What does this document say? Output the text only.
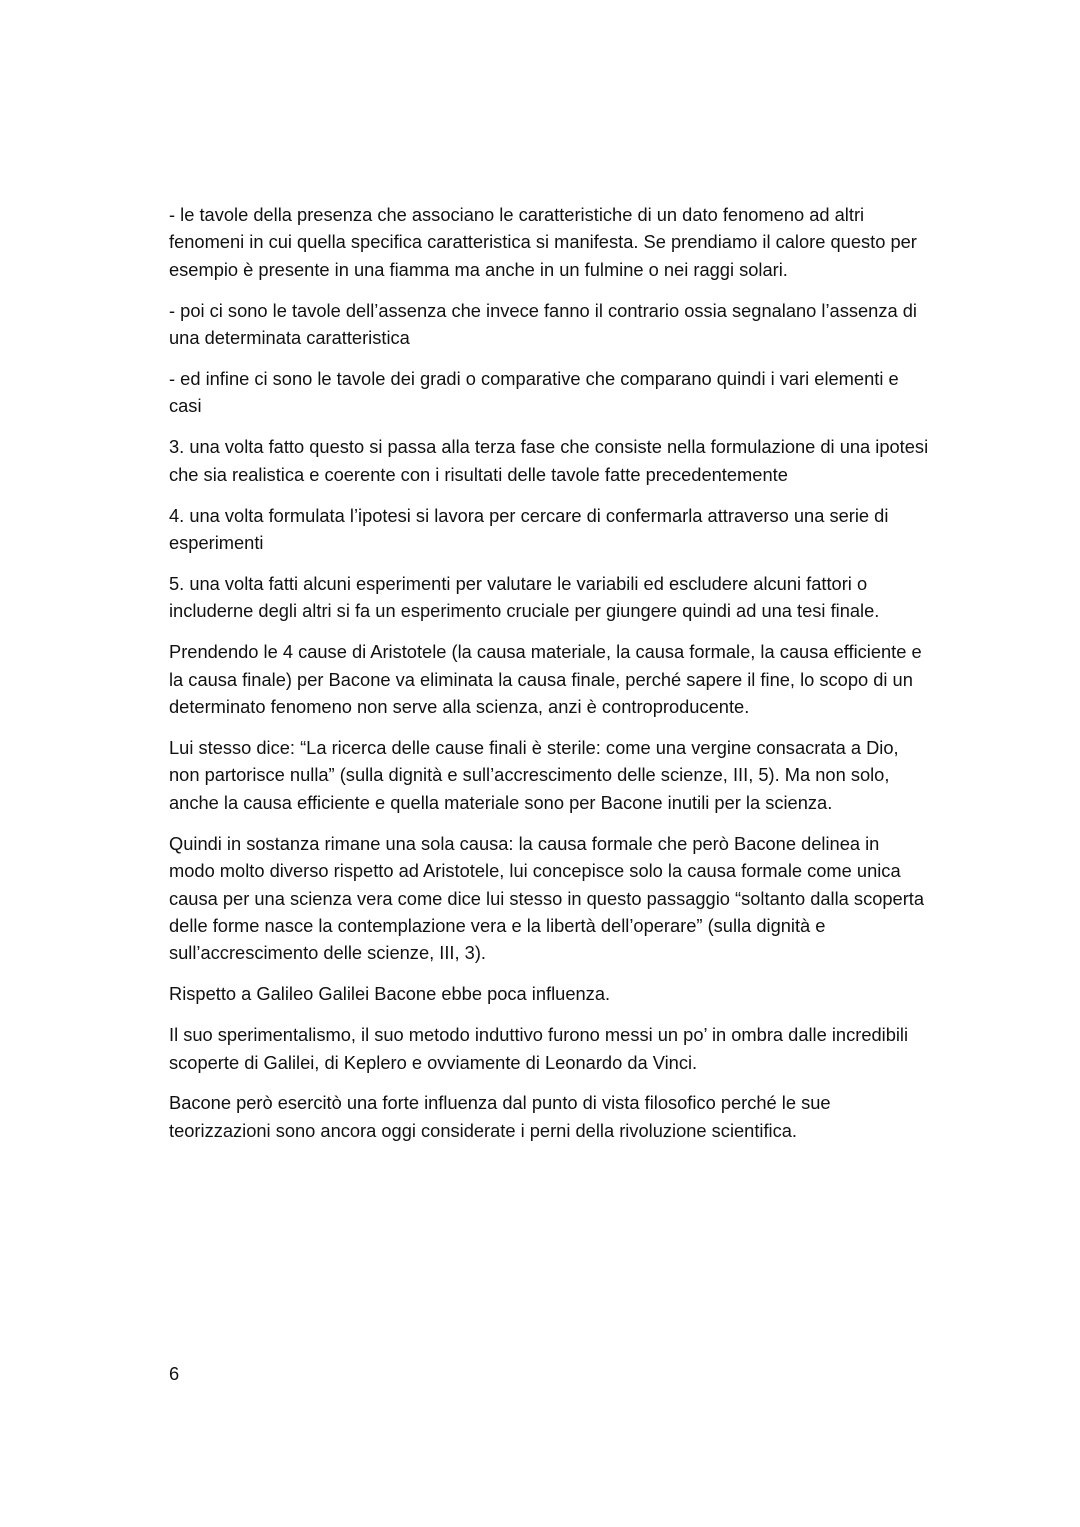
- le tavole della presenza che associano le caratteristiche di un dato fenomeno ad altri fenomeni in cui quella specifica caratteristica si manifesta. Se prendiamo il calore questo per esempio è presente in una fiamma ma anche in un fulmine o nei raggi solari.

- poi ci sono le tavole dell’assenza che invece fanno il contrario ossia segnalano l’assenza di una determinata caratteristica

- ed infine ci sono le tavole dei gradi o comparative che comparano quindi i vari elementi e casi

3. una volta fatto questo si passa alla terza fase che consiste nella formulazione di una ipotesi che sia realistica e coerente con i risultati delle tavole fatte precedentemente

4. una volta formulata l’ipotesi si lavora per cercare di confermarla attraverso una serie di esperimenti

5. una volta fatti alcuni esperimenti per valutare le variabili ed escludere alcuni fattori o includerne degli altri si fa un esperimento cruciale per giungere quindi ad una tesi finale.

Prendendo le 4 cause di Aristotele (la causa materiale, la causa formale, la causa efficiente e la causa finale) per Bacone va eliminata la causa finale, perché sapere il fine, lo scopo di un determinato fenomeno non serve alla scienza, anzi è controproducente.

Lui stesso dice: “La ricerca delle cause finali è sterile: come una vergine consacrata a Dio, non partorisce nulla” (sulla dignità e sull’accrescimento delle scienze, III, 5). Ma non solo, anche la causa efficiente e quella materiale sono per Bacone inutili per la scienza.

Quindi in sostanza rimane una sola causa: la causa formale che però Bacone delinea in modo molto diverso rispetto ad Aristotele, lui concepisce solo la causa formale come unica causa per una scienza vera come dice lui stesso in questo passaggio “soltanto dalla scoperta delle forme nasce la contemplazione vera e la libertà dell’operare” (sulla dignità e sull’accrescimento delle scienze, III, 3).

Rispetto a Galileo Galilei Bacone ebbe poca influenza.

Il suo sperimentalismo, il suo metodo induttivo furono messi un po’ in ombra dalle incredibili scoperte di Galilei, di Keplero e ovviamente di Leonardo da Vinci.

Bacone però esercitò una forte influenza dal punto di vista filosofico perché le sue teorizzazioni sono ancora oggi considerate i perni della rivoluzione scientifica.

6
